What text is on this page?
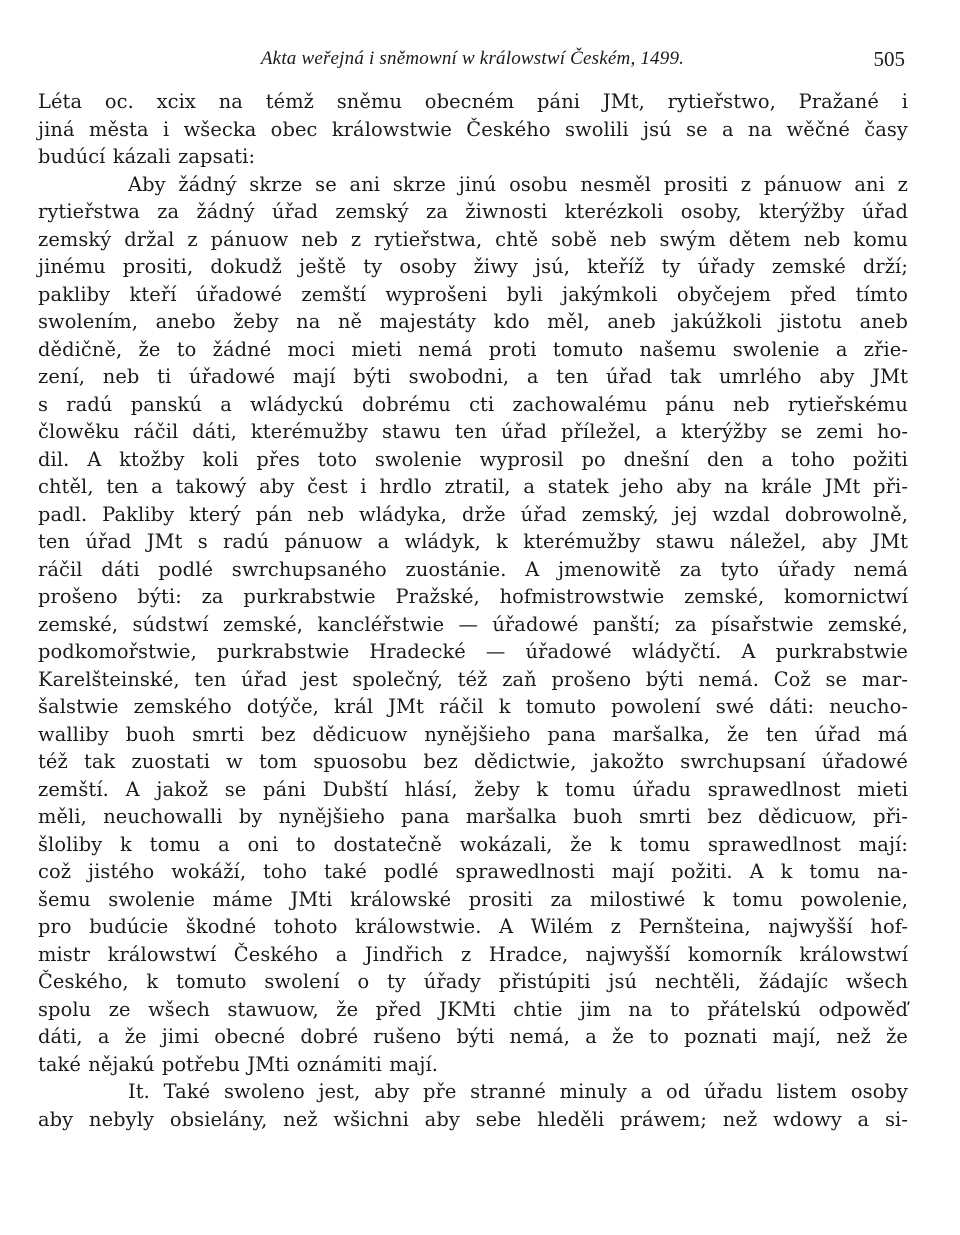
Akta weřejná i sněmowní w králowstwí Českém, 1499.	505
Léta oc. xcix na témž sněmu obecném páni JMt, rytieřstwo, Pražané i
jiná města i wšecka obec králowstwie Českého swolili jsú se a na wěčné časy
budúcí kázali zapsati:
Aby žádný skrze se ani skrze jinú osobu nesměl prositi z pánuow ani z
rytieřstwa za žádný úřad zemský za žiwnosti kterézkoli osoby, kterýžby úřad
zemský držal z pánuow neb z rytieřstwa, chtě sobě neb swým dětem neb komu
jinému prositi, dokudž ještě ty osoby žiwy jsú, kteříž ty úřady zemské drží;
pakliby kteří úřadowé zemští wyprošeni byli jakýmkoli obyčejem před tímto
swolením, anebo žeby na ně majestáty kdo měl, aneb jakúžkoli jistotu aneb
dědičně, že to žádné moci mieti nemá proti tomuto našemu swolenie a zřie-
zení, neb ti úřadowé mají býti swobodni, a ten úřad tak umrlého aby JMt
s radú panskú a wládyckú dobrému cti zachowalému pánu neb rytieřskému
člowěku ráčil dáti, kterémužby stawu ten úřad příležel, a kterýžby se zemi ho-
dil. A ktožby koli přes toto swolenie wyprosil po dnešní den a toho požiti
chtěl, ten a takowý aby čest i hrdlo ztratil, a statek jeho aby na krále JMt při-
padl. Pakliby který pán neb wládyka, drže úřad zemský, jej wzdal dobrowolně,
ten úřad JMt s radú pánuow a wládyk, k kterémužby stawu náležel, aby JMt
ráčil dáti podlé swrchupsaného zuostánie. A jmenowitě za tyto úřady nemá
prošeno býti: za purkrabstwie Pražské, hofmistrowstwie zemské, komornictwí
zemské, súdstwí zemské, kancléřstwie — úřadowé panští; za písařstwie zemské,
podkomořstwie, purkrabstwie Hradecké — úřadowé wládyčtí. A purkrabstwie
Karelšteinské, ten úřad jest společný, též zaň prošeno býti nemá. Což se mar-
šalstwie zemského dotýče, král JMt ráčil k tomuto powolení swé dáti: neucho-
walliby buoh smrti bez dědicuow nynějšieho pana maršalka, že ten úřad má
též tak zuostati w tom spuosobu bez dědictwie, jakožto swrchupsaní úřadowé
zemští. A jakož se páni Dubští hlásí, žeby k tomu úřadu sprawedlnost mieti
měli, neuchowalli by nynějšieho pana maršalka buoh smrti bez dědicuow, při-
šloliby k tomu a oni to dostatečně wokázali, že k tomu sprawedlnost mají:
což jistého wokáží, toho také podlé sprawedlnosti mají požiti. A k tomu na-
šemu swolenie máme JMti králowské prositi za milostiwé k tomu powolenie,
pro budúcie škodné tohoto králowstwie. A Wilém z Pernšteina, najwyšší hof-
mistr králowstwí Českého a Jindřich z Hradce, najwyšší komorník králowstwí
Českého, k tomuto swolení o ty úřady přistúpiti jsú nechtěli, žádajíc wšech
spolu ze wšech stawuow, že před JKMti chtie jim na to přátelskú odpowěď
dáti, a že jimi obecné dobré rušeno býti nemá, a že to poznati mají, než že
také nějakú potřebu JMti oznámiti mají.
It. Také swoleno jest, aby pře stranné minuly a od úřadu listem osoby
aby nebyly obsielány, než wšichni aby sebe hleděli práwem; než wdowy a si-
